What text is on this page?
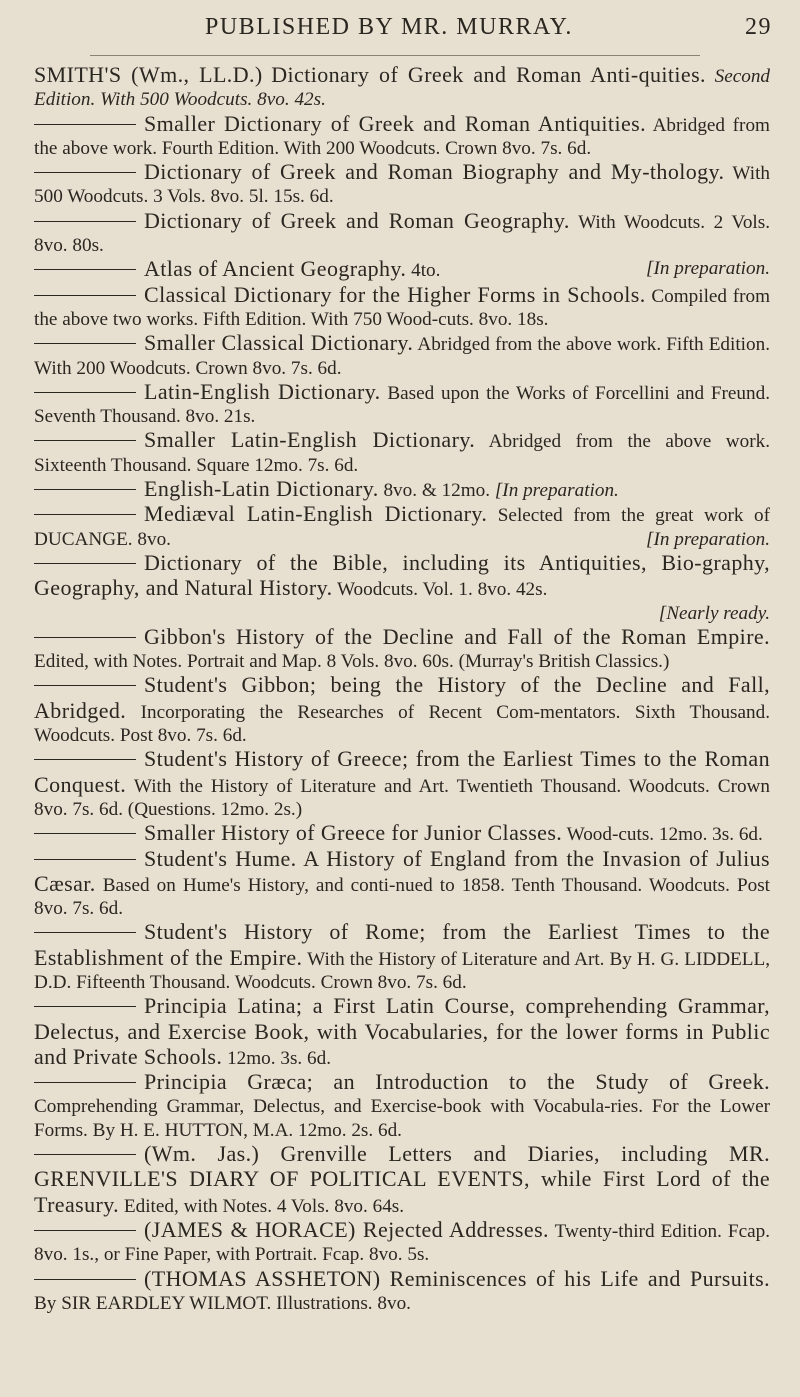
PUBLISHED BY MR. MURRAY.	29

SMITH'S (Wm., LL.D.) Dictionary of Greek and Roman Anti-quities. Second Edition. With 500 Woodcuts. 8vo. 42s.

Smaller Dictionary of Greek and Roman Antiquities. Abridged from the above work. Fourth Edition. With 200 Woodcuts. Crown 8vo. 7s. 6d.

Dictionary of Greek and Roman Biography and My-thology. With 500 Woodcuts. 3 Vols. 8vo. 5l. 15s. 6d.

Dictionary of Greek and Roman Geography. With Woodcuts. 2 Vols. 8vo. 80s.

Atlas of Ancient Geography. 4to.	[In preparation.

Classical Dictionary for the Higher Forms in Schools. Compiled from the above two works. Fifth Edition. With 750 Wood-cuts. 8vo. 18s.

Smaller Classical Dictionary. Abridged from the above work. Fifth Edition. With 200 Woodcuts. Crown 8vo. 7s. 6d.

Latin-English Dictionary. Based upon the Works of Forcellini and Freund. Seventh Thousand. 8vo. 21s.

Smaller Latin-English Dictionary. Abridged from the above work. Sixteenth Thousand. Square 12mo. 7s. 6d.

English-Latin Dictionary. 8vo. & 12mo. [In preparation.

Mediæval Latin-English Dictionary. Selected from the great work of DUCANGE. 8vo.	[In preparation.

Dictionary of the Bible, including its Antiquities, Bio-graphy, Geography, and Natural History. Woodcuts. Vol. 1. 8vo. 42s.
[Nearly ready.

Gibbon's History of the Decline and Fall of the Roman Empire. Edited, with Notes. Portrait and Map. 8 Vols. 8vo. 60s. (Murray's British Classics.)

Student's Gibbon; being the History of the Decline and Fall, Abridged. Incorporating the Researches of Recent Com-mentators. Sixth Thousand. Woodcuts. Post 8vo. 7s. 6d.

Student's History of Greece; from the Earliest Times to the Roman Conquest. With the History of Literature and Art. Twentieth Thousand. Woodcuts. Crown 8vo. 7s. 6d. (Questions. 12mo. 2s.)

Smaller History of Greece for Junior Classes. Wood-cuts. 12mo. 3s. 6d.

Student's Hume. A History of England from the Invasion of Julius Cæsar. Based on Hume's History, and conti-nued to 1858. Tenth Thousand. Woodcuts. Post 8vo. 7s. 6d.

Student's History of Rome; from the Earliest Times to the Establishment of the Empire. With the History of Literature and Art. By H. G. LIDDELL, D.D. Fifteenth Thousand. Woodcuts. Crown 8vo. 7s. 6d.

Principia Latina; a First Latin Course, comprehending Grammar, Delectus, and Exercise Book, with Vocabularies, for the lower forms in Public and Private Schools. 12mo. 3s. 6d.

Principia Græca; an Introduction to the Study of Greek. Comprehending Grammar, Delectus, and Exercise-book with Vocabula-ries. For the Lower Forms. By H. E. HUTTON, M.A. 12mo. 2s. 6d.

(Wm. Jas.) Grenville Letters and Diaries, including MR. GRENVILLE'S DIARY OF POLITICAL EVENTS, while First Lord of the Treasury. Edited, with Notes. 4 Vols. 8vo. 64s.

(JAMES & HORACE) Rejected Addresses. Twenty-third Edition. Fcap. 8vo. 1s., or Fine Paper, with Portrait. Fcap. 8vo. 5s.

(THOMAS ASSHETON) Reminiscences of his Life and Pursuits. By SIR EARDLEY WILMOT. Illustrations. 8vo.
